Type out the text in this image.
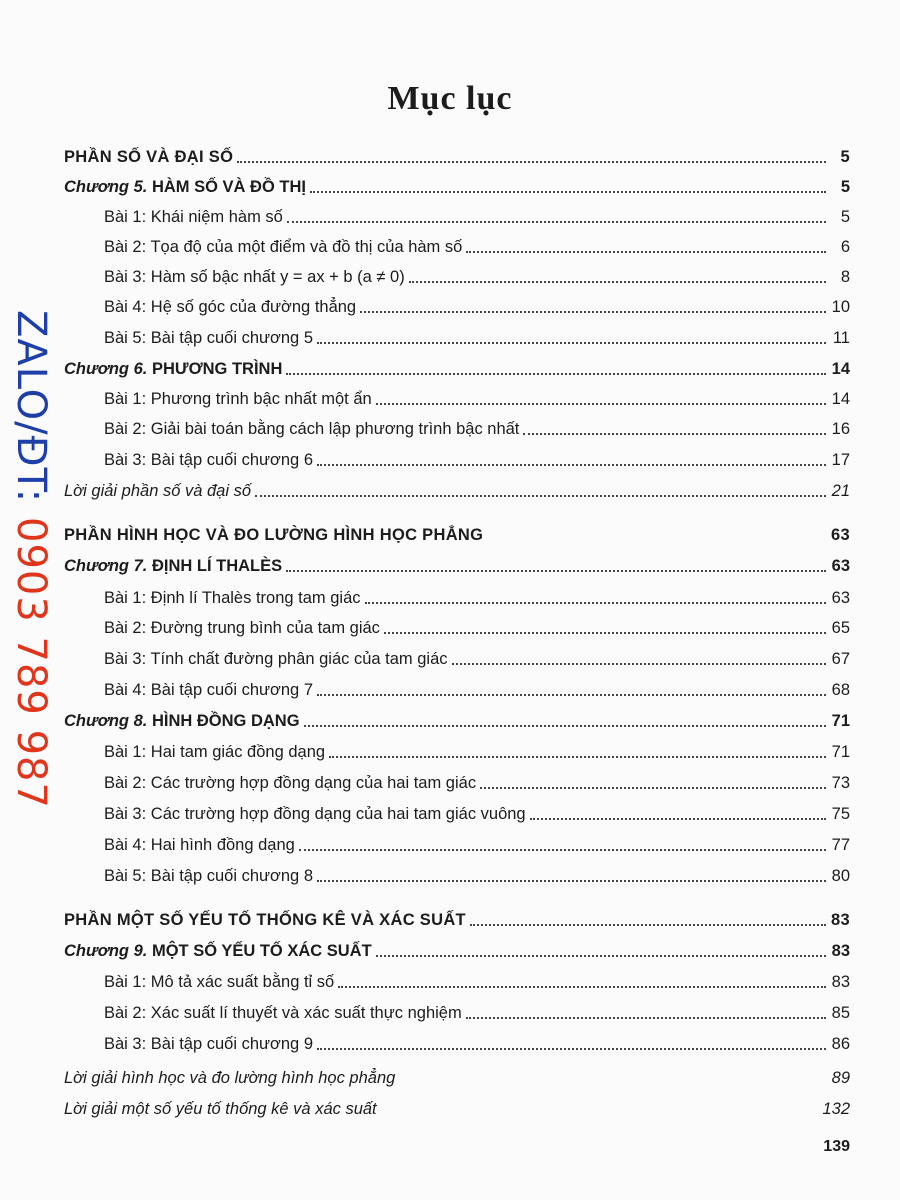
ZALO/ĐT:
0903 789 987
Mục lục
PHẦN SỐ VÀ ĐẠI SỐ	5
Chương 5. HÀM SỐ VÀ ĐỒ THỊ	5
Bài 1: Khái niệm hàm số	5
Bài 2: Tọa độ của một điểm và đồ thị của hàm số	6
Bài 3: Hàm số bậc nhất y = ax + b (a ≠ 0)	8
Bài 4: Hệ số góc của đường thẳng	10
Bài 5: Bài tập cuối chương 5	11
Chương 6. PHƯƠNG TRÌNH	14
Bài 1: Phương trình bậc nhất một ẩn	14
Bài 2: Giải bài toán bằng cách lập phương trình bậc nhất	16
Bài 3: Bài tập cuối chương 6	17
Lời giải phần số và đại số	21
PHẦN HÌNH HỌC VÀ ĐO LƯỜNG HÌNH HỌC PHẲNG	63
Chương 7. ĐỊNH LÍ THALÈS	63
Bài 1: Định lí Thalès trong tam giác	63
Bài 2: Đường trung bình của tam giác	65
Bài 3: Tính chất đường phân giác của tam giác	67
Bài 4: Bài tập cuối chương 7	68
Chương 8. HÌNH ĐỒNG DẠNG	71
Bài 1: Hai tam giác đồng dạng	71
Bài 2: Các trường hợp đồng dạng của hai tam giác	73
Bài 3: Các trường hợp đồng dạng của hai tam giác vuông	75
Bài 4: Hai hình đồng dạng	77
Bài 5: Bài tập cuối chương 8	80
PHẦN MỘT SỐ YẾU TỐ THỐNG KÊ VÀ XÁC SUẤT	83
Chương 9. MỘT SỐ YẾU TỐ XÁC SUẤT	83
Bài 1: Mô tả xác suất bằng tỉ số	83
Bài 2: Xác suất lí thuyết và xác suất thực nghiệm	85
Bài 3: Bài tập cuối chương 9	86
Lời giải hình học và đo lường hình học phẳng	89
Lời giải một số yếu tố thống kê và xác suất	132
139
